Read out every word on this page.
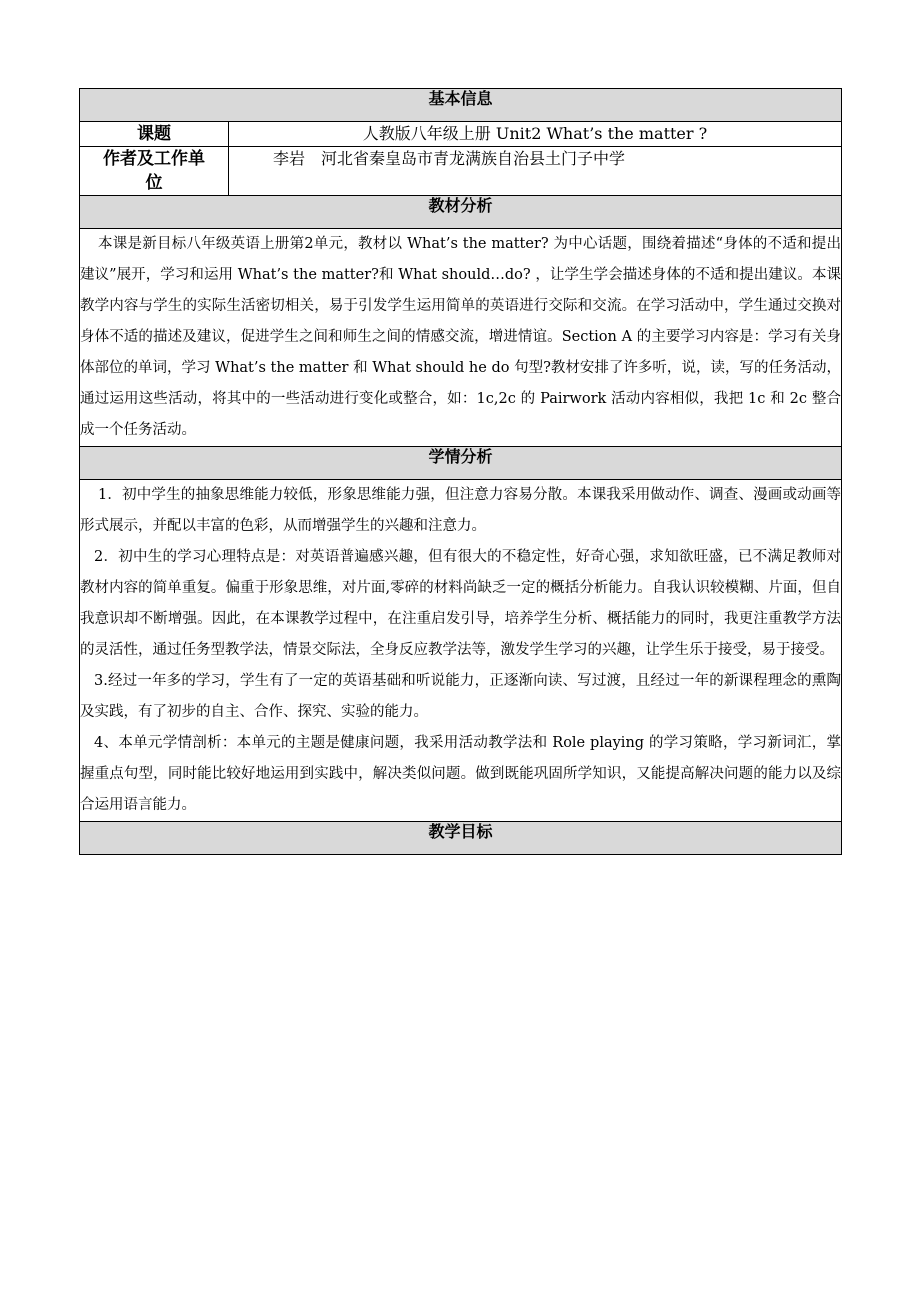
基本信息	
课题	人教版八年级上册 Unit2 What’s the matter ?
作者及工作单位	李岩　河北省秦皇岛市青龙满族自治县土门子中学
教材分析	

本课是新目标八年级英语上册第2单元，教材以 What’s the matter? 为中心话题，围绕着描述“身体的不适和提出建议”展开，学习和运用 What’s the matter?和 What should…do? ，让学生学会描述身体的不适和提出建议。本课教学内容与学生的实际生活密切相关，易于引发学生运用简单的英语进行交际和交流。在学习活动中，学生通过交换对身体不适的描述及建议，促进学生之间和师生之间的情感交流，增进情谊。Section A 的主要学习内容是：学习有关身体部位的单词，学习 What’s the matter 和 What should he do 句型?教材安排了许多听，说，读，写的任务活动，通过运用这些活动，将其中的一些活动进行变化或整合，如：1c,2c 的 Pairwork 活动内容相似，我把 1c 和 2c 整合成一个任务活动。	

学情分析	

1．初中学生的抽象思维能力较低，形象思维能力强，但注意力容易分散。本课我采用做动作、调查、漫画或动画等形式展示，并配以丰富的色彩，从而增强学生的兴趣和注意力。

2．初中生的学习心理特点是：对英语普遍感兴趣，但有很大的不稳定性，好奇心强，求知欲旺盛，已不满足教师对教材内容的简单重复。偏重于形象思维，对片面,零碎的材料尚缺乏一定的概括分析能力。自我认识较模糊、片面，但自我意识却不断增强。因此，在本课教学过程中，在注重启发引导，培养学生分析、概括能力的同时，我更注重教学方法的灵活性，通过任务型教学法，情景交际法，全身反应教学法等，激发学生学习的兴趣，让学生乐于接受，易于接受。

3.经过一年多的学习，学生有了一定的英语基础和听说能力，正逐渐向读、写过渡，且经过一年的新课程理念的熏陶及实践，有了初步的自主、合作、探究、实验的能力。

4、本单元学情剖析：本单元的主题是健康问题，我采用活动教学法和 Role playing 的学习策略，学习新词汇，掌握重点句型，同时能比较好地运用到实践中，解决类似问题。做到既能巩固所学知识，又能提高解决问题的能力以及综合运用语言能力。	

教学目标	
